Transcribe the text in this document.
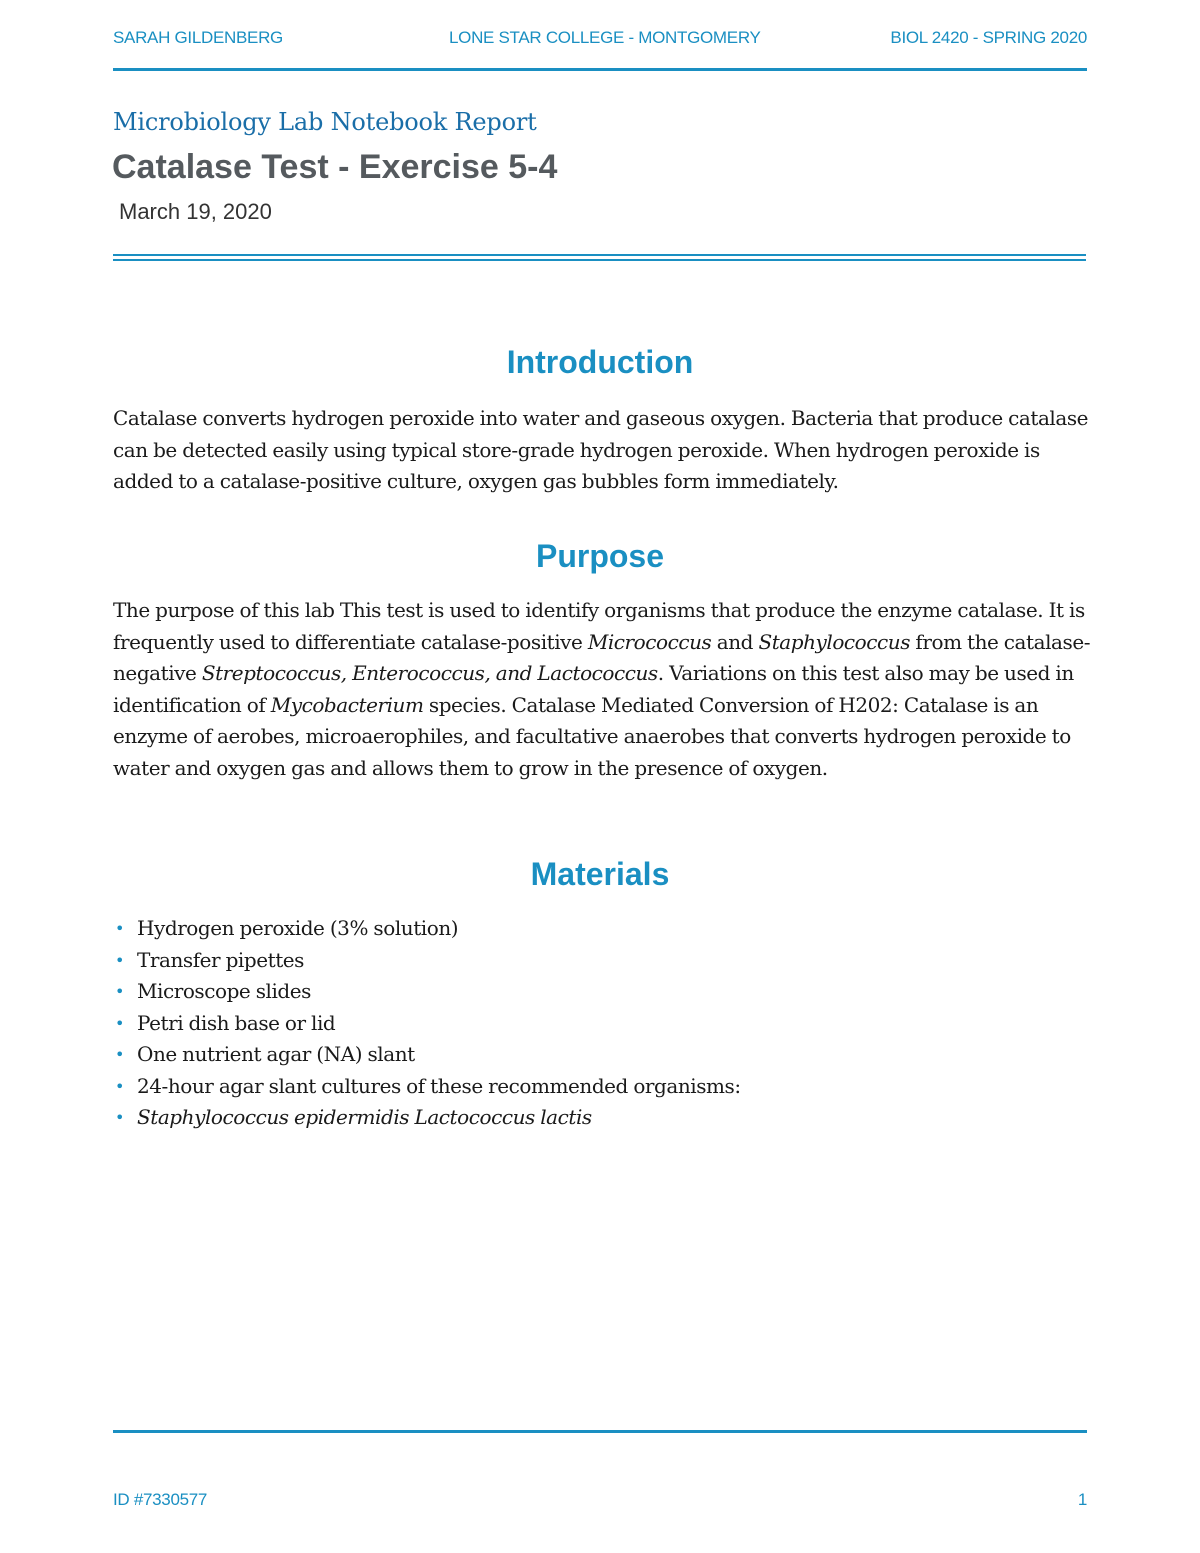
SARAH GILDENBERG	LONE STAR COLLEGE - MONTGOMERY	BIOL 2420 - SPRING 2020
Microbiology Lab Notebook Report
Catalase Test - Exercise 5-4
March 19, 2020
Introduction

Catalase converts hydrogen peroxide into water and gaseous oxygen. Bacteria that produce catalase can be detected easily using typical store-grade hydrogen peroxide. When hydrogen peroxide is added to a catalase-positive culture, oxygen gas bubbles form immediately.

Purpose

The purpose of this lab This test is used to identify organisms that produce the enzyme catalase. It is frequently used to differentiate catalase-positive Micrococcus and Staphylococcus from the catalase-negative Streptococcus, Enterococcus, and Lactococcus. Variations on this test also may be used in identification of Mycobacterium species. Catalase Mediated Conversion of H202: Catalase is an enzyme of aerobes, microaerophiles, and facultative anaerobes that converts hydrogen peroxide to water and oxygen gas and allows them to grow in the presence of oxygen.

Materials
• Hydrogen peroxide (3% solution)
• Transfer pipettes
• Microscope slides
• Petri dish base or lid
• One nutrient agar (NA) slant
• 24-hour agar slant cultures of these recommended organisms:
• Staphylococcus epidermidis Lactococcus lactis
ID #7330577	1
